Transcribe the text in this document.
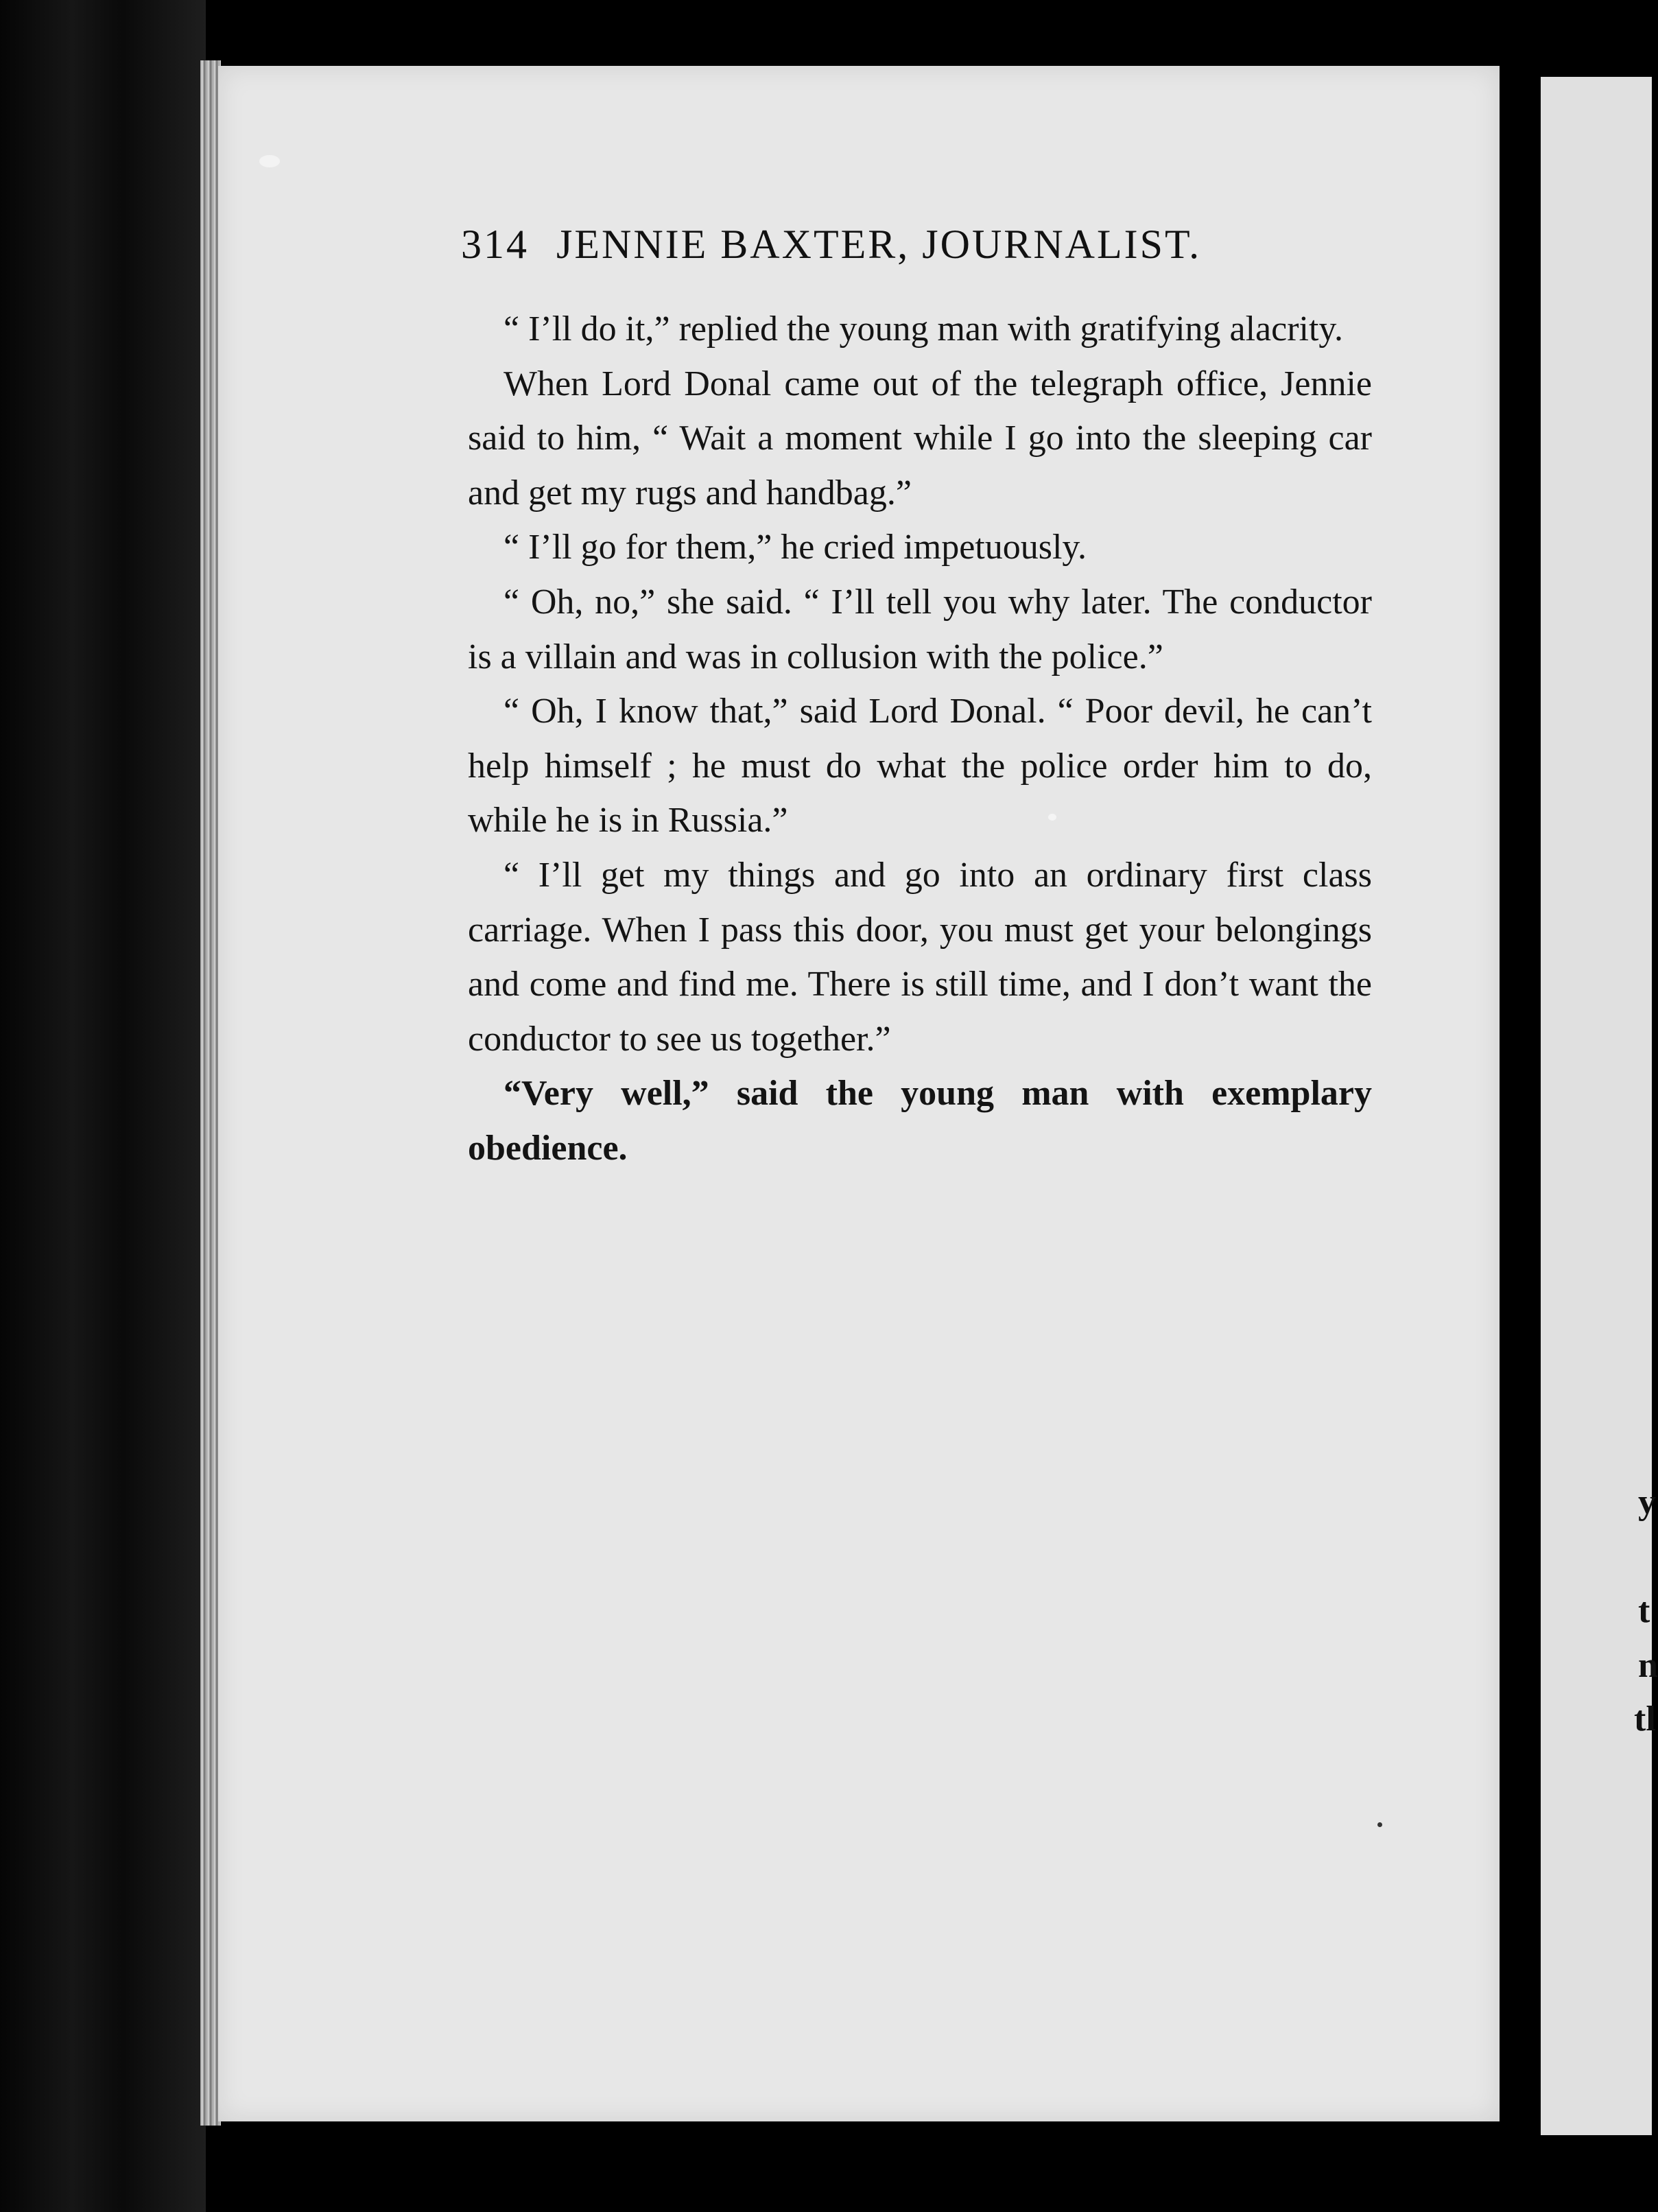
t
n
tl
y
314 JENNIE BAXTER, JOURNALIST.

“ I’ll do it,” replied the young man with gratifying alacrity.

When Lord Donal came out of the telegraph office, Jennie said to him, “ Wait a moment while I go into the sleeping car and get my rugs and handbag.”

“ I’ll go for them,” he cried impetuously.

“ Oh, no,” she said. “ I’ll tell you why later. The conductor is a villain and was in collusion with the police.”

“ Oh, I know that,” said Lord Donal. “ Poor devil, he can’t help himself ; he must do what the police order him to do, while he is in Russia.”

“ I’ll get my things and go into an ordinary first class carriage. When I pass this door, you must get your belongings and come and find me. There is still time, and I don’t want the conductor to see us together.”

“Very well,” said the young man with exemplary obedience.
